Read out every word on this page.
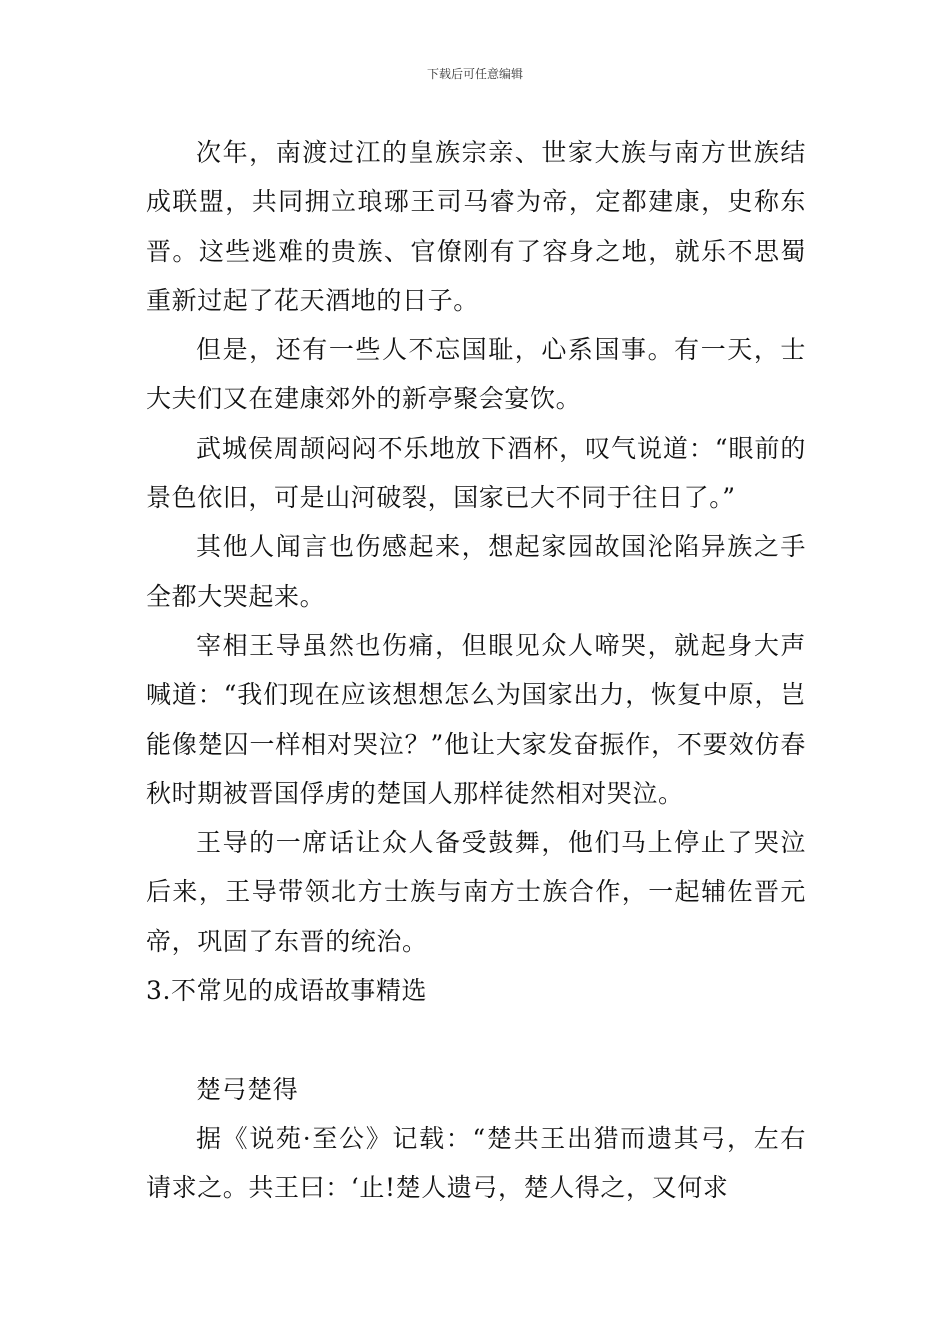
下载后可任意编辑

次年，南渡过江的皇族宗亲、世家大族与南方世族结成联盟，共同拥立琅琊王司马睿为帝，定都建康，史称东晋。这些逃难的贵族、官僚刚有了容身之地，就乐不思蜀重新过起了花天酒地的日子。

但是，还有一些人不忘国耻，心系国事。有一天，士大夫们又在建康郊外的新亭聚会宴饮。

武城侯周颉闷闷不乐地放下酒杯，叹气说道：“眼前的景色依旧，可是山河破裂，国家已大不同于往日了。”

其他人闻言也伤感起来，想起家园故国沦陷异族之手全都大哭起来。

宰相王导虽然也伤痛，但眼见众人啼哭，就起身大声喊道：“我们现在应该想想怎么为国家出力，恢复中原，岂能像楚囚一样相对哭泣？”他让大家发奋振作，不要效仿春秋时期被晋国俘虏的楚国人那样徒然相对哭泣。

王导的一席话让众人备受鼓舞，他们马上停止了哭泣后来，王导带领北方士族与南方士族合作，一起辅佐晋元帝，巩固了东晋的统治。

3.不常见的成语故事精选

楚弓楚得

据《说苑·至公》记载：“楚共王出猎而遗其弓，左右请求之。共王曰：‘止!楚人遗弓，楚人得之，又何求
